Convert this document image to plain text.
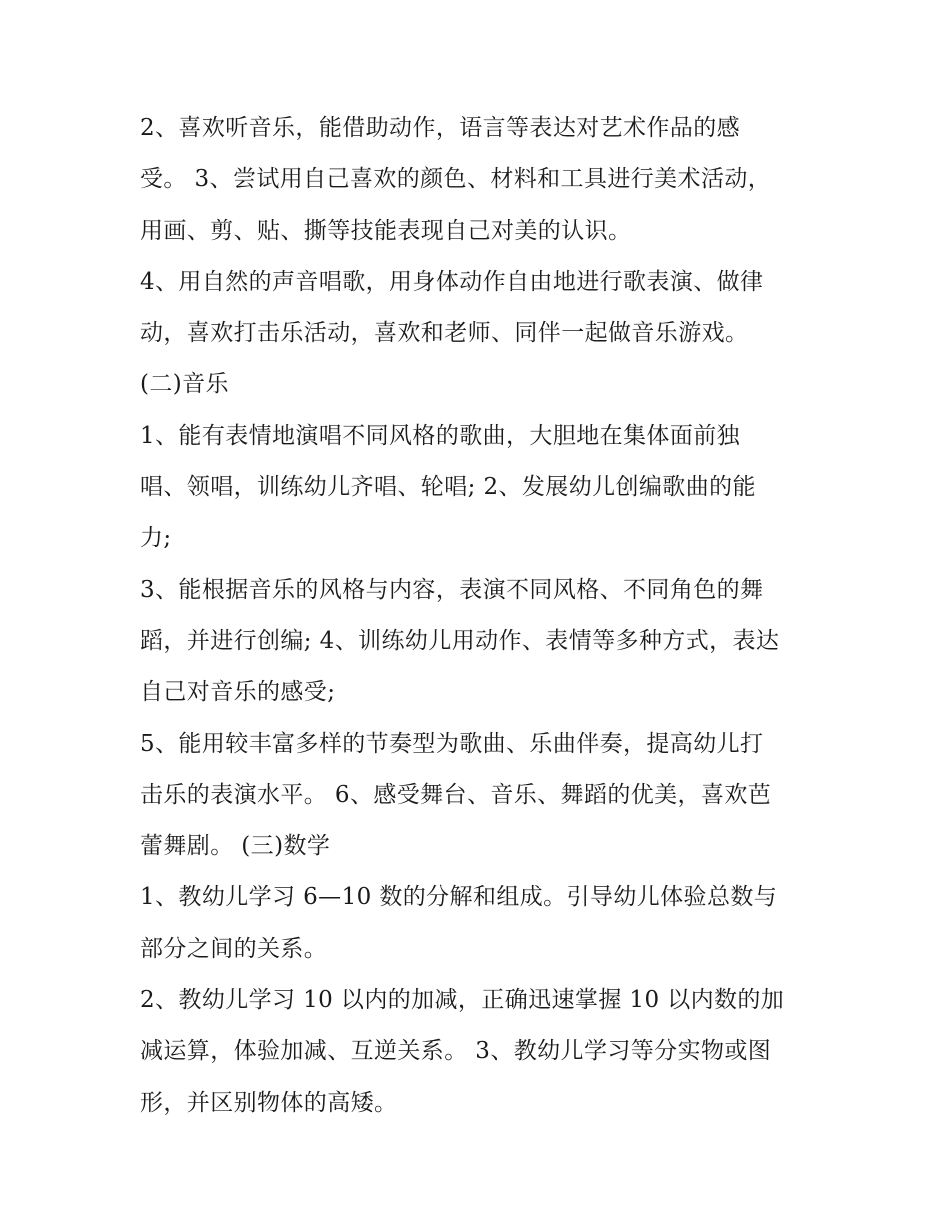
2、喜欢听音乐，能借助动作，语言等表达对艺术作品的感
受。 3、尝试用自己喜欢的颜色、材料和工具进行美术活动，
用画、剪、贴、撕等技能表现自己对美的认识。
4、用自然的声音唱歌，用身体动作自由地进行歌表演、做律
动，喜欢打击乐活动，喜欢和老师、同伴一起做音乐游戏。
(二)音乐
1、能有表情地演唱不同风格的歌曲，大胆地在集体面前独
唱、领唱，训练幼儿齐唱、轮唱; 2、发展幼儿创编歌曲的能
力;
3、能根据音乐的风格与内容，表演不同风格、不同角色的舞
蹈，并进行创编; 4、训练幼儿用动作、表情等多种方式，表达
自己对音乐的感受;
5、能用较丰富多样的节奏型为歌曲、乐曲伴奏，提高幼儿打
击乐的表演水平。 6、感受舞台、音乐、舞蹈的优美，喜欢芭
蕾舞剧。 (三)数学
1、教幼儿学习 6—10 数的分解和组成。引导幼儿体验总数与
部分之间的关系。
2、教幼儿学习 10 以内的加减，正确迅速掌握 10 以内数的加
减运算，体验加减、互逆关系。 3、教幼儿学习等分实物或图
形，并区别物体的高矮。
